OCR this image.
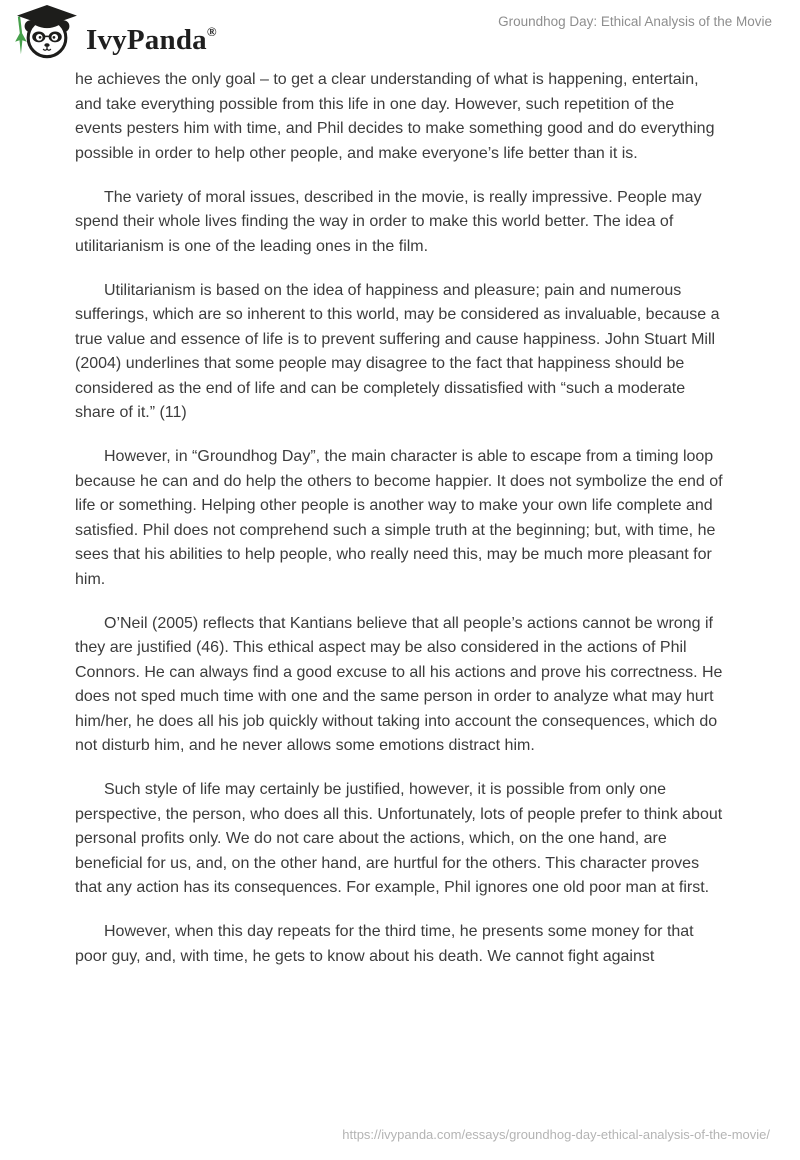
IvyPanda®
Groundhog Day: Ethical Analysis of the Movie

he achieves the only goal – to get a clear understanding of what is happening, entertain, and take everything possible from this life in one day. However, such repetition of the events pesters him with time, and Phil decides to make something good and do everything possible in order to help other people, and make everyone’s life better than it is.

The variety of moral issues, described in the movie, is really impressive. People may spend their whole lives finding the way in order to make this world better. The idea of utilitarianism is one of the leading ones in the film.

Utilitarianism is based on the idea of happiness and pleasure; pain and numerous sufferings, which are so inherent to this world, may be considered as invaluable, because a true value and essence of life is to prevent suffering and cause happiness. John Stuart Mill (2004) underlines that some people may disagree to the fact that happiness should be considered as the end of life and can be completely dissatisfied with “such a moderate share of it.” (11)

However, in “Groundhog Day”, the main character is able to escape from a timing loop because he can and do help the others to become happier. It does not symbolize the end of life or something. Helping other people is another way to make your own life complete and satisfied. Phil does not comprehend such a simple truth at the beginning; but, with time, he sees that his abilities to help people, who really need this, may be much more pleasant for him.

O’Neil (2005) reflects that Kantians believe that all people’s actions cannot be wrong if they are justified (46). This ethical aspect may be also considered in the actions of Phil Connors. He can always find a good excuse to all his actions and prove his correctness. He does not sped much time with one and the same person in order to analyze what may hurt him/her, he does all his job quickly without taking into account the consequences, which do not disturb him, and he never allows some emotions distract him.

Such style of life may certainly be justified, however, it is possible from only one perspective, the person, who does all this. Unfortunately, lots of people prefer to think about personal profits only. We do not care about the actions, which, on the one hand, are beneficial for us, and, on the other hand, are hurtful for the others. This character proves that any action has its consequences. For example, Phil ignores one old poor man at first.

However, when this day repeats for the third time, he presents some money for that poor guy, and, with time, he gets to know about his death. We cannot fight against

https://ivypanda.com/essays/groundhog-day-ethical-analysis-of-the-movie/
